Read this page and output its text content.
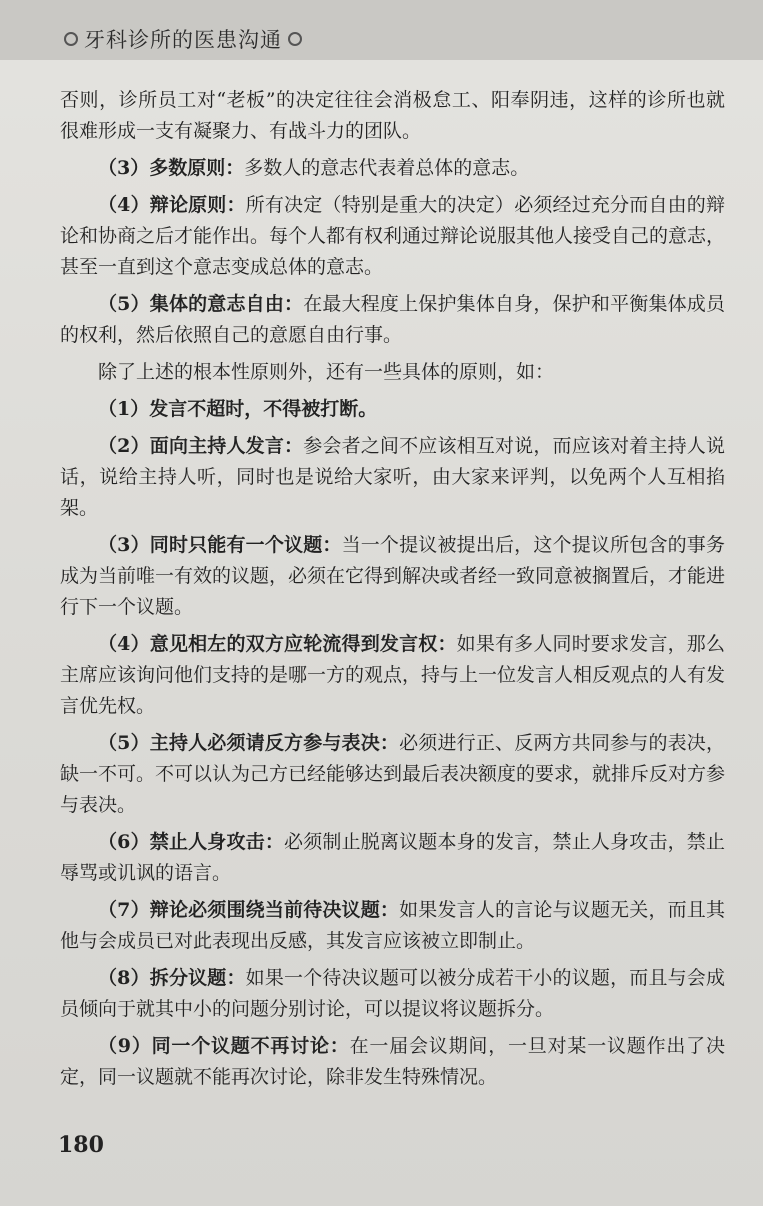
牙科诊所的医患沟通

否则，诊所员工对“老板”的决定往往会消极怠工、阳奉阴违，这样的诊所也就很难形成一支有凝聚力、有战斗力的团队。

（3）多数原则：多数人的意志代表着总体的意志。

（4）辩论原则：所有决定（特别是重大的决定）必须经过充分而自由的辩论和协商之后才能作出。每个人都有权利通过辩论说服其他人接受自己的意志，甚至一直到这个意志变成总体的意志。

（5）集体的意志自由：在最大程度上保护集体自身，保护和平衡集体成员的权利，然后依照自己的意愿自由行事。

除了上述的根本性原则外，还有一些具体的原则，如：

（1）发言不超时，不得被打断。

（2）面向主持人发言：参会者之间不应该相互对说，而应该对着主持人说话，说给主持人听，同时也是说给大家听，由大家来评判，以免两个人互相掐架。

（3）同时只能有一个议题：当一个提议被提出后，这个提议所包含的事务成为当前唯一有效的议题，必须在它得到解决或者经一致同意被搁置后，才能进行下一个议题。

（4）意见相左的双方应轮流得到发言权：如果有多人同时要求发言，那么主席应该询问他们支持的是哪一方的观点，持与上一位发言人相反观点的人有发言优先权。

（5）主持人必须请反方参与表决：必须进行正、反两方共同参与的表决，缺一不可。不可以认为己方已经能够达到最后表决额度的要求，就排斥反对方参与表决。

（6）禁止人身攻击：必须制止脱离议题本身的发言，禁止人身攻击，禁止辱骂或讥讽的语言。

（7）辩论必须围绕当前待决议题：如果发言人的言论与议题无关，而且其他与会成员已对此表现出反感，其发言应该被立即制止。

（8）拆分议题：如果一个待决议题可以被分成若干小的议题，而且与会成员倾向于就其中小的问题分别讨论，可以提议将议题拆分。

（9）同一个议题不再讨论：在一届会议期间，一旦对某一议题作出了决定，同一议题就不能再次讨论，除非发生特殊情况。

180
